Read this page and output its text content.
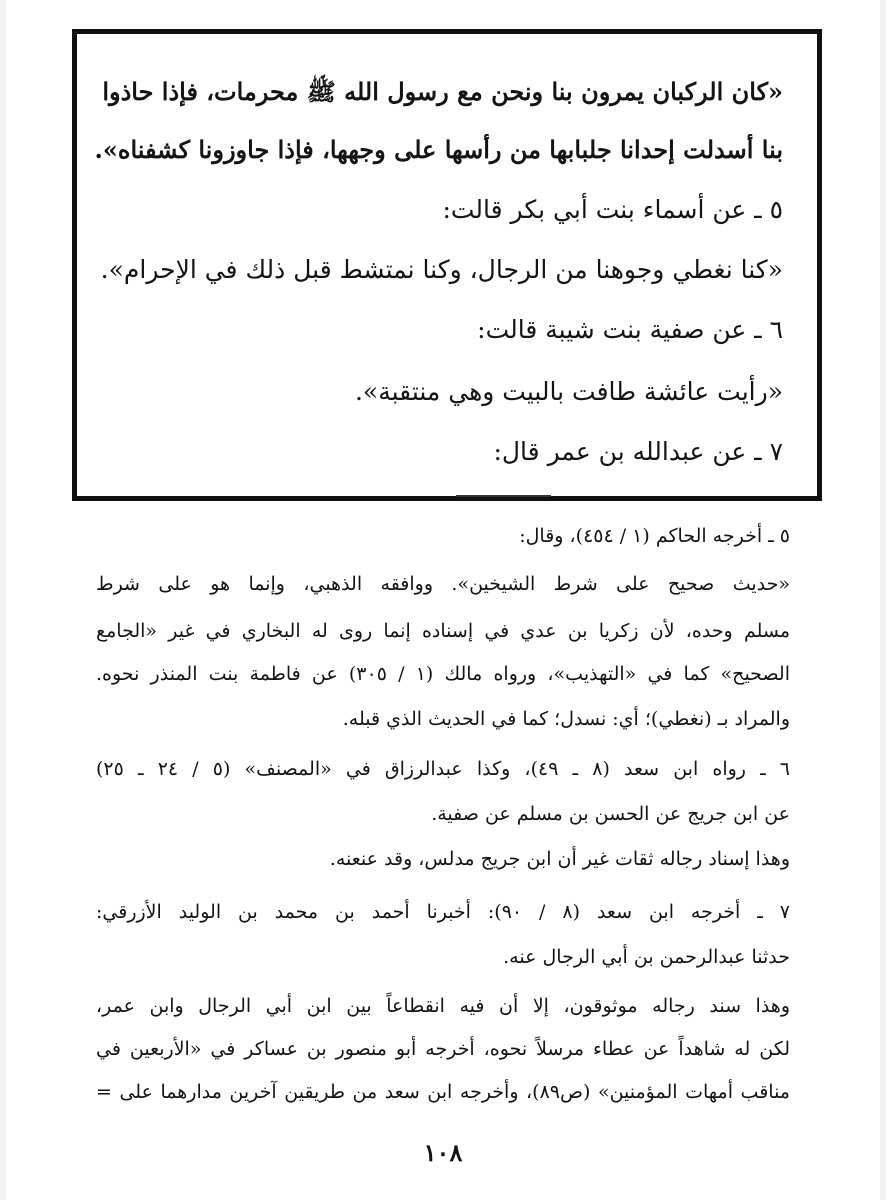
«كان الركبان يمرون بنا ونحن مع رسول الله ﷺ محرمات، فإذا حاذوا
بنا أسدلت إحدانا جلبابها من رأسها على وجهها، فإذا جاوزونا كشفناه».
٥ ـ عن أسماء بنت أبي بكر قالت:
«كنا نغطي وجوهنا من الرجال، وكنا نمتشط قبل ذلك في الإحرام».
٦ ـ عن صفية بنت شيبة قالت:
«رأيت عائشة طافت بالبيت وهي منتقبة».
٧ ـ عن عبدالله بن عمر قال:
٥ ـ أخرجه الحاكم (١ / ٤٥٤)، وقال:
«حديث صحيح على شرط الشيخين». ووافقه الذهبي، وإنما هو على شرط
مسلم وحده، لأن زكريا بن عدي في إسناده إنما روى له البخاري في غير «الجامع
الصحيح» كما في «التهذيب»، ورواه مالك (١ / ٣٠٥) عن فاطمة بنت المنذر نحوه.
والمراد بـ (نغطي)؛ أي: نسدل؛ كما في الحديث الذي قبله.
٦ ـ رواه ابن سعد (٨ ـ ٤٩)، وكذا عبدالرزاق في «المصنف» (٥ / ٢٤ ـ ٢٥)
عن ابن جريج عن الحسن بن مسلم عن صفية.
وهذا إسناد رجاله ثقات غير أن ابن جريج مدلس، وقد عنعنه.
٧ ـ أخرجه ابن سعد (٨ / ٩٠): أخبرنا أحمد بن محمد بن الوليد الأزرقي:
حدثنا عبدالرحمن بن أبي الرجال عنه.
وهذا سند رجاله موثوقون، إلا أن فيه انقطاعاً بين ابن أبي الرجال وابن عمر،
لكن له شاهداً عن عطاء مرسلاً نحوه، أخرجه أبو منصور بن عساكر في «الأربعين في
مناقب أمهات المؤمنين» (ص٨٩)، وأخرجه ابن سعد من طريقين آخرين مدارهما على =
١٠٨
